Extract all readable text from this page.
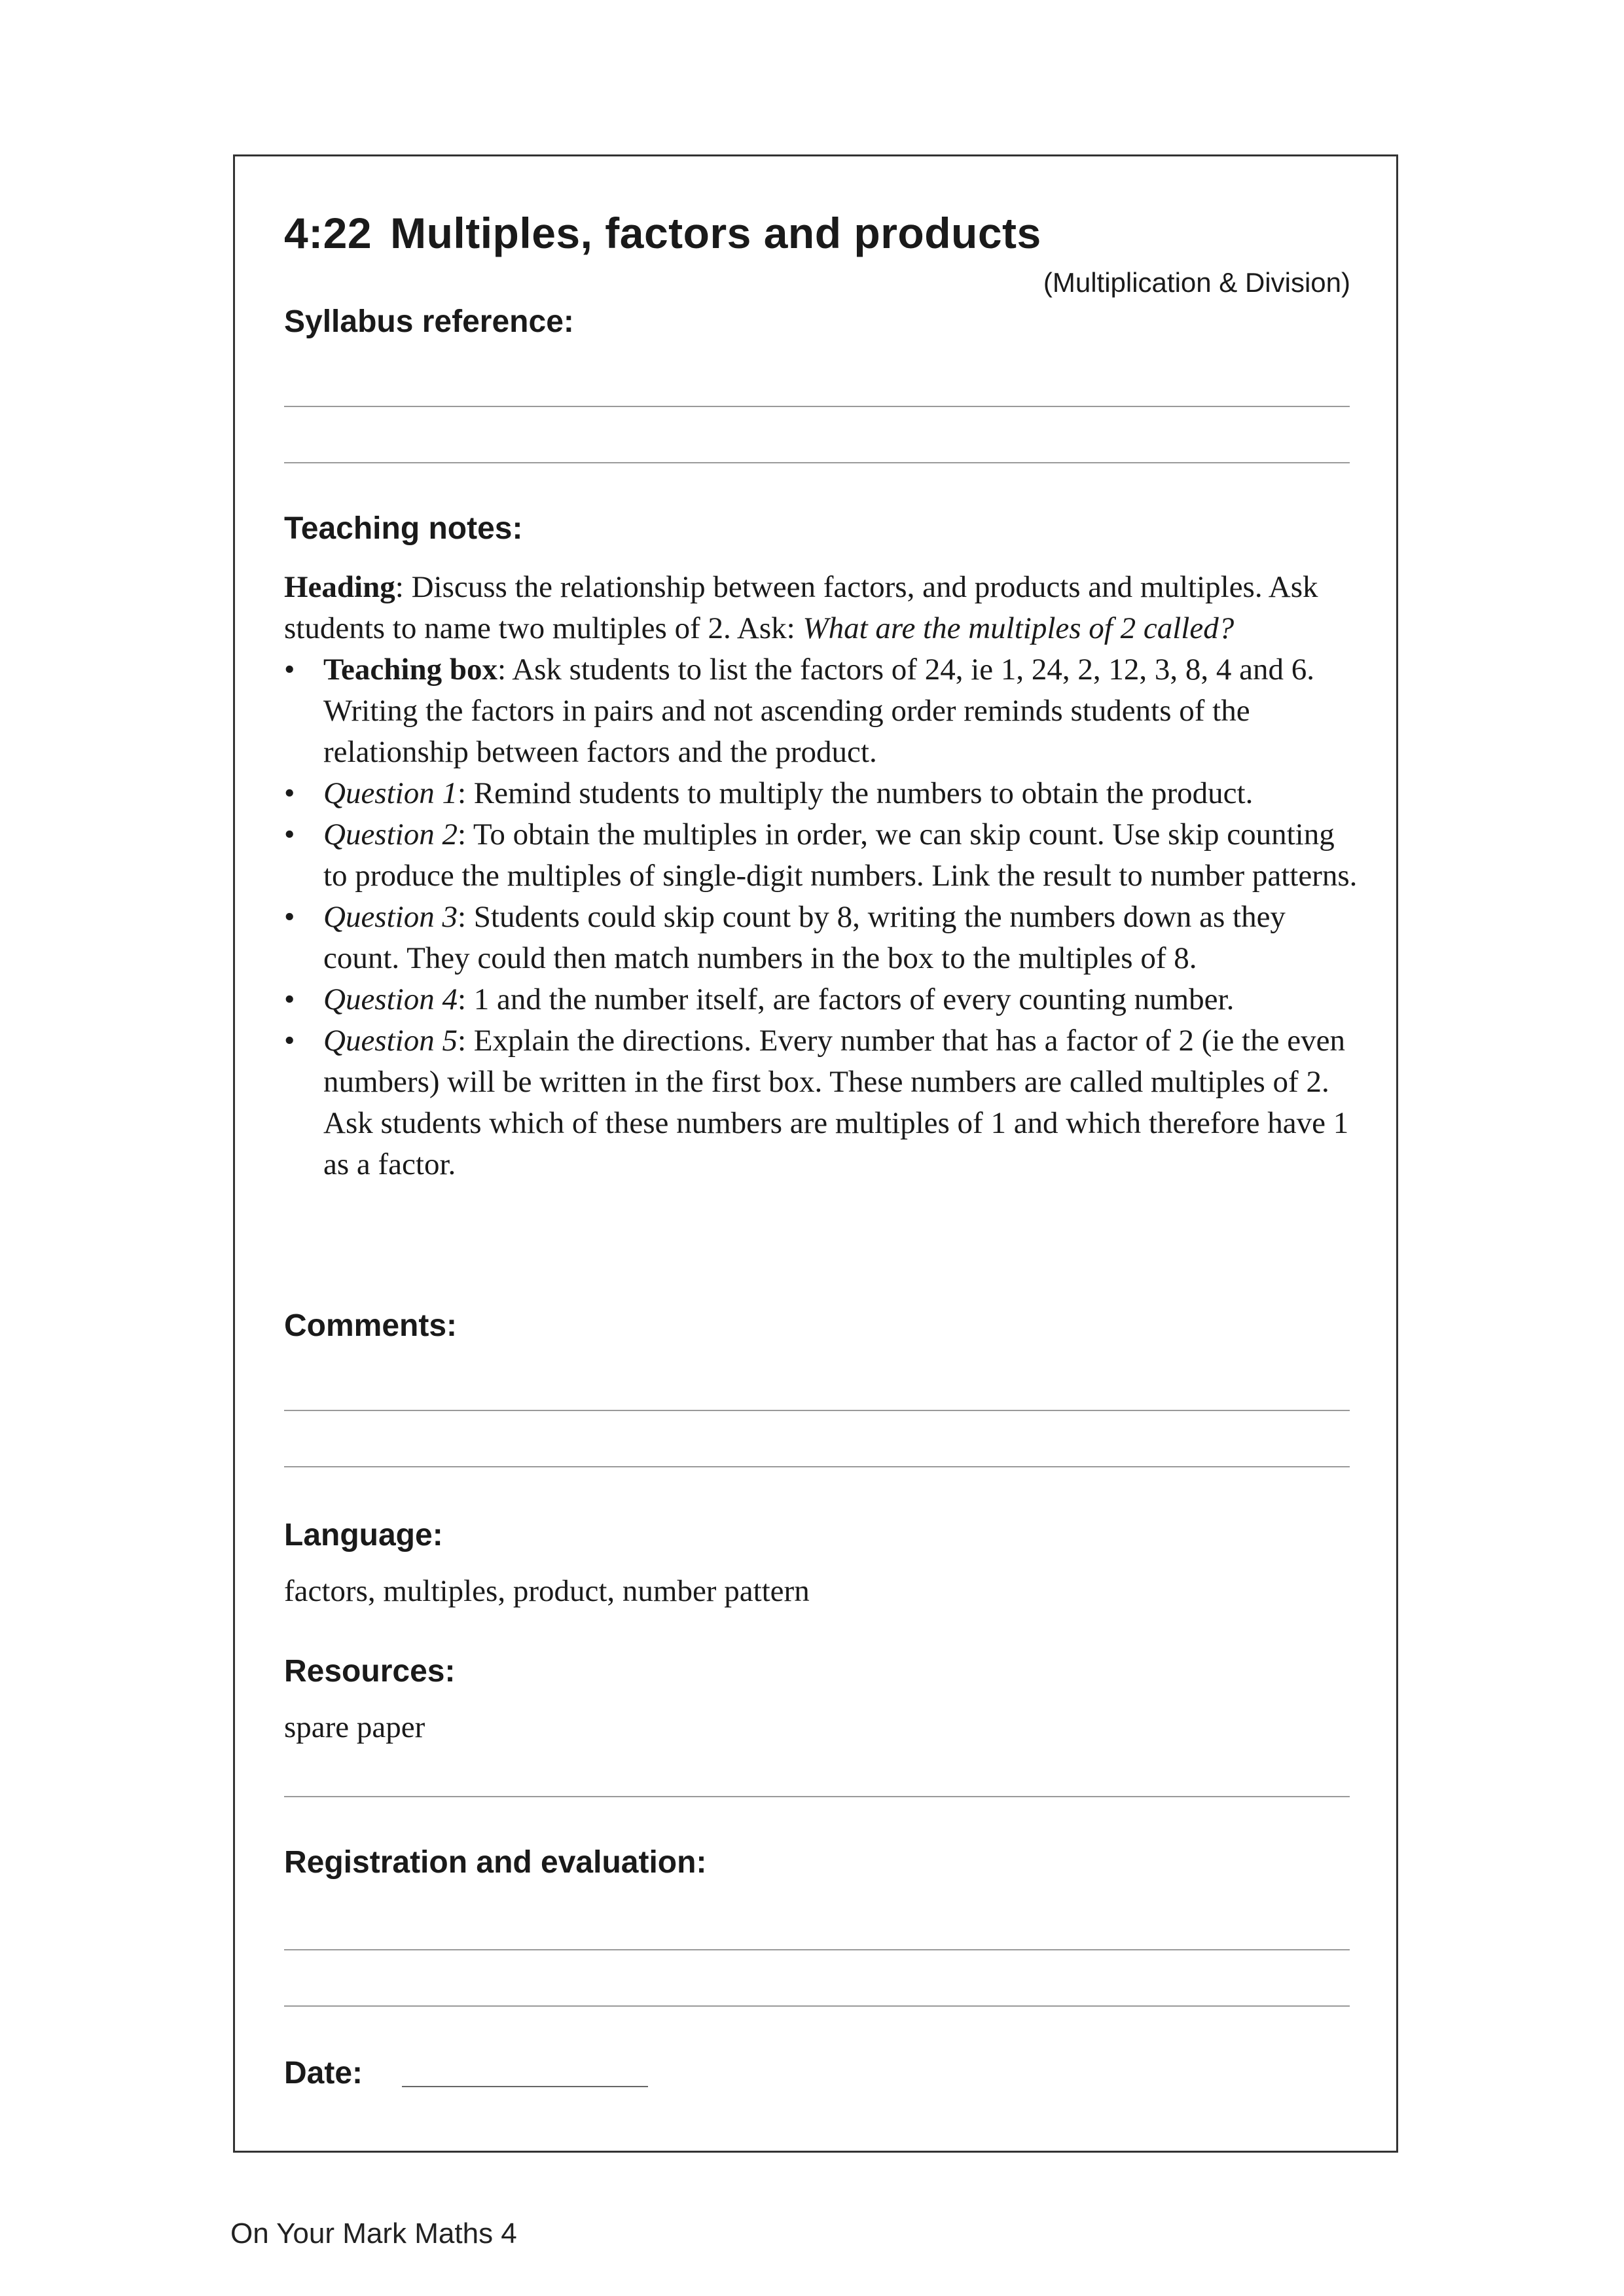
4:22 Multiples, factors and products
(Multiplication & Division)
Syllabus reference:
Teaching notes:

Heading: Discuss the relationship between factors, and products and multiples. Ask students to name two multiples of 2. Ask: What are the multiples of 2 called?

• Teaching box: Ask students to list the factors of 24, ie 1, 24, 2, 12, 3, 8, 4 and 6. Writing the factors in pairs and not ascending order reminds students of the relationship between factors and the product.
• Question 1: Remind students to multiply the numbers to obtain the product.
• Question 2: To obtain the multiples in order, we can skip count. Use skip counting to produce the multiples of single-digit numbers. Link the result to number patterns.
• Question 3: Students could skip count by 8, writing the numbers down as they count. They could then match numbers in the box to the multiples of 8.
• Question 4: 1 and the number itself, are factors of every counting number.
• Question 5: Explain the directions. Every number that has a factor of 2 (ie the even numbers) will be written in the first box. These numbers are called multiples of 2. Ask students which of these numbers are multiples of 1 and which therefore have 1 as a factor.
Comments:
Language:
factors, multiples, product, number pattern
Resources:
spare paper
Registration and evaluation:
Date:
On Your Mark Maths 4
